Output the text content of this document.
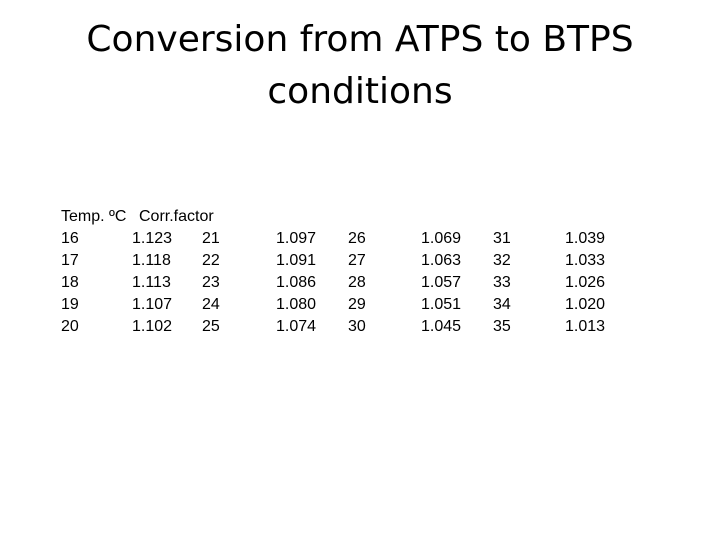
Conversion from ATPS to BTPS
conditions
Temp. ºC Corr.factor
16	1.123 21	1.097 26	1.069 31	1.039
17	1.118 22	1.091 27	1.063 32	1.033
18	1.113 23	1.086 28	1.057 33	1.026
19	1.107 24	1.080 29	1.051 34	1.020
20	1.102 25	1.074 30	1.045 35	1.013
